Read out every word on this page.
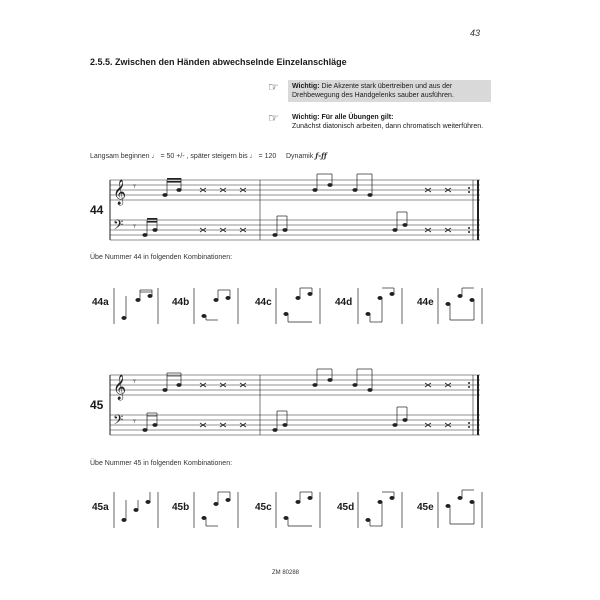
43
2.5.5. Zwischen den Händen abwechselnde Einzelanschläge
☞	Wichtig: Die Akzente stark übertreiben und aus der Drehbewegung des Handgelenks sauber ausführen.
☞	Wichtig: Für alle Übungen gilt:
Zunächst diatonisch arbeiten, dann chromatisch weiterführen.
Langsam beginnen ♩ = 50 +/- , später steigern bis ♩ = 120 Dynamik ƒ-ƒƒ
44
𝄞
𝄢
𝄾
𝄾
Übe Nummer 44 in folgenden Kombinationen:
44a	44b	44c	44d	44e
45
𝄞
𝄢
𝄾
𝄾
Übe Nummer 45 in folgenden Kombinationen:
45a	45b	45c	45d	45e
ZM 80288
